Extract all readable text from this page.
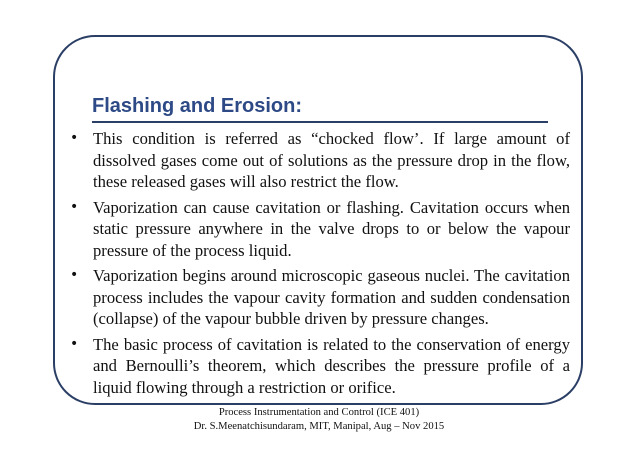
Flashing and Erosion:
• This condition is referred as “chocked flow’. If large amount of dissolved gases come out of solutions as the pressure drop in the flow, these released gases will also restrict the flow.
• Vaporization can cause cavitation or flashing. Cavitation occurs when static pressure anywhere in the valve drops to or below the vapour pressure of the process liquid.
• Vaporization begins around microscopic gaseous nuclei. The cavitation process includes the vapour cavity formation and sudden condensation (collapse) of the vapour bubble driven by pressure changes.
• The basic process of cavitation is related to the conservation of energy and Bernoulli’s theorem, which describes the pressure profile of a liquid flowing through a restriction or orifice.
Process Instrumentation and Control (ICE 401)
Dr. S.Meenatchisundaram, MIT, Manipal, Aug – Nov 2015
